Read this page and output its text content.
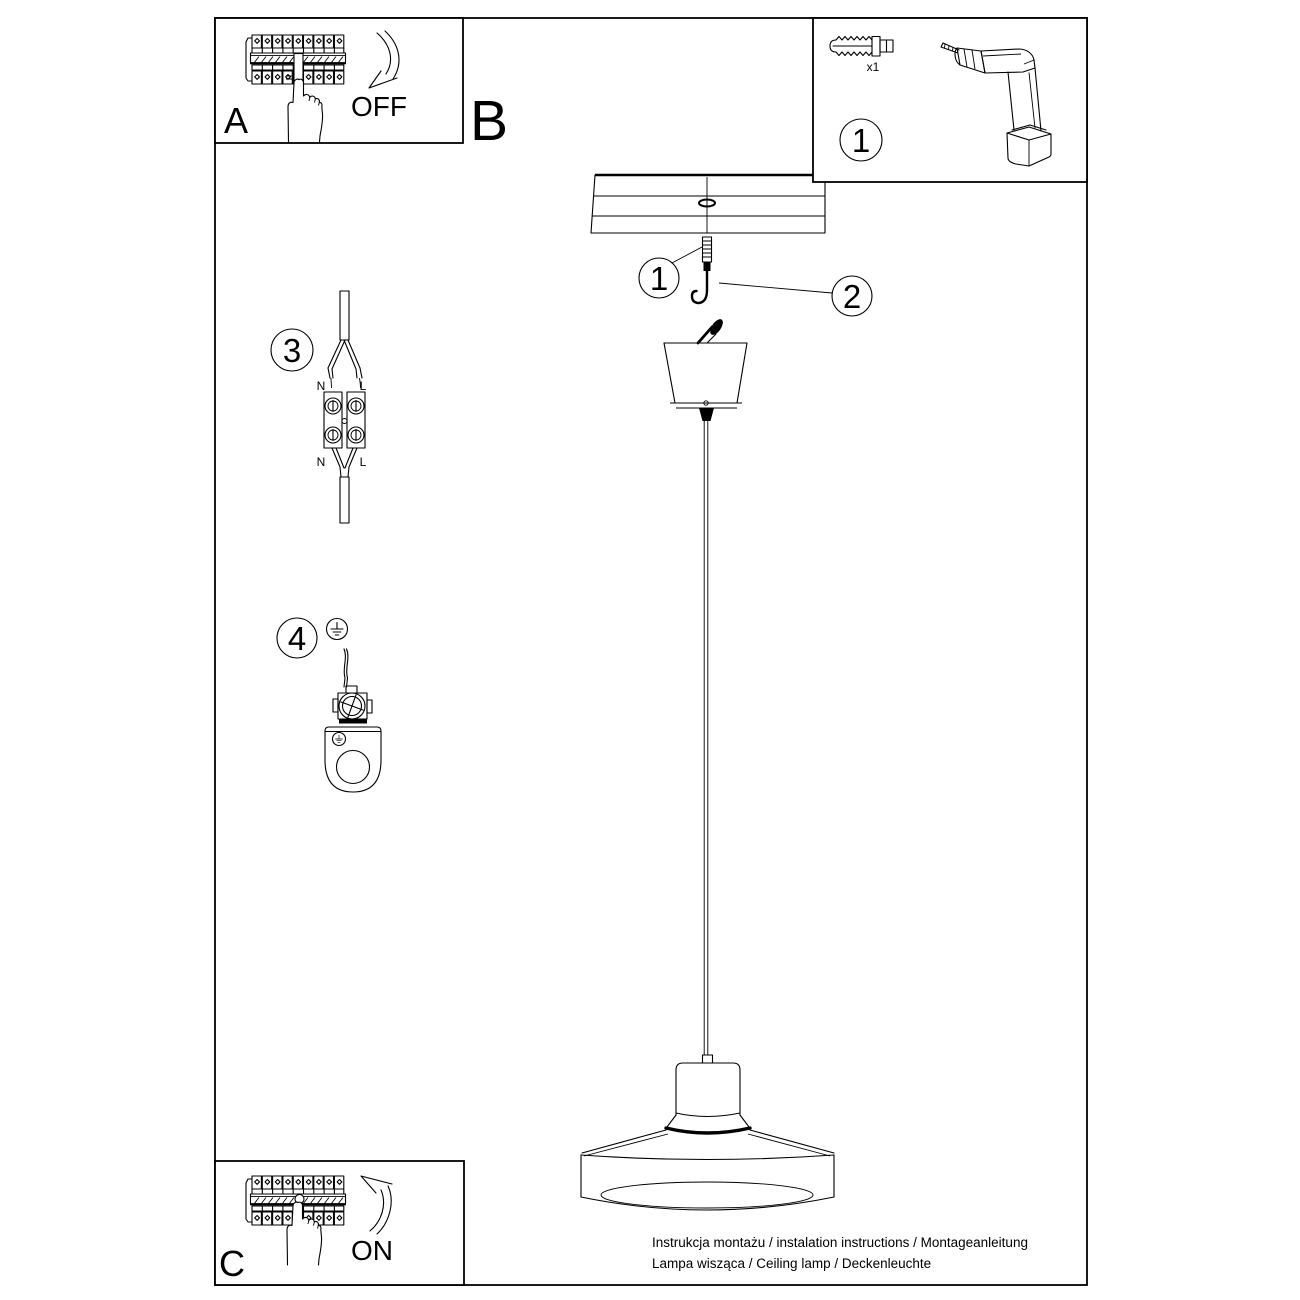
1	2
3
N	L
N	L
4
OFF
A	B
x1
1
ON
C
Instrukcja montażu / instalation instructions / Montageanleitung
Lampa wisząca / Ceiling lamp / Deckenleuchte
